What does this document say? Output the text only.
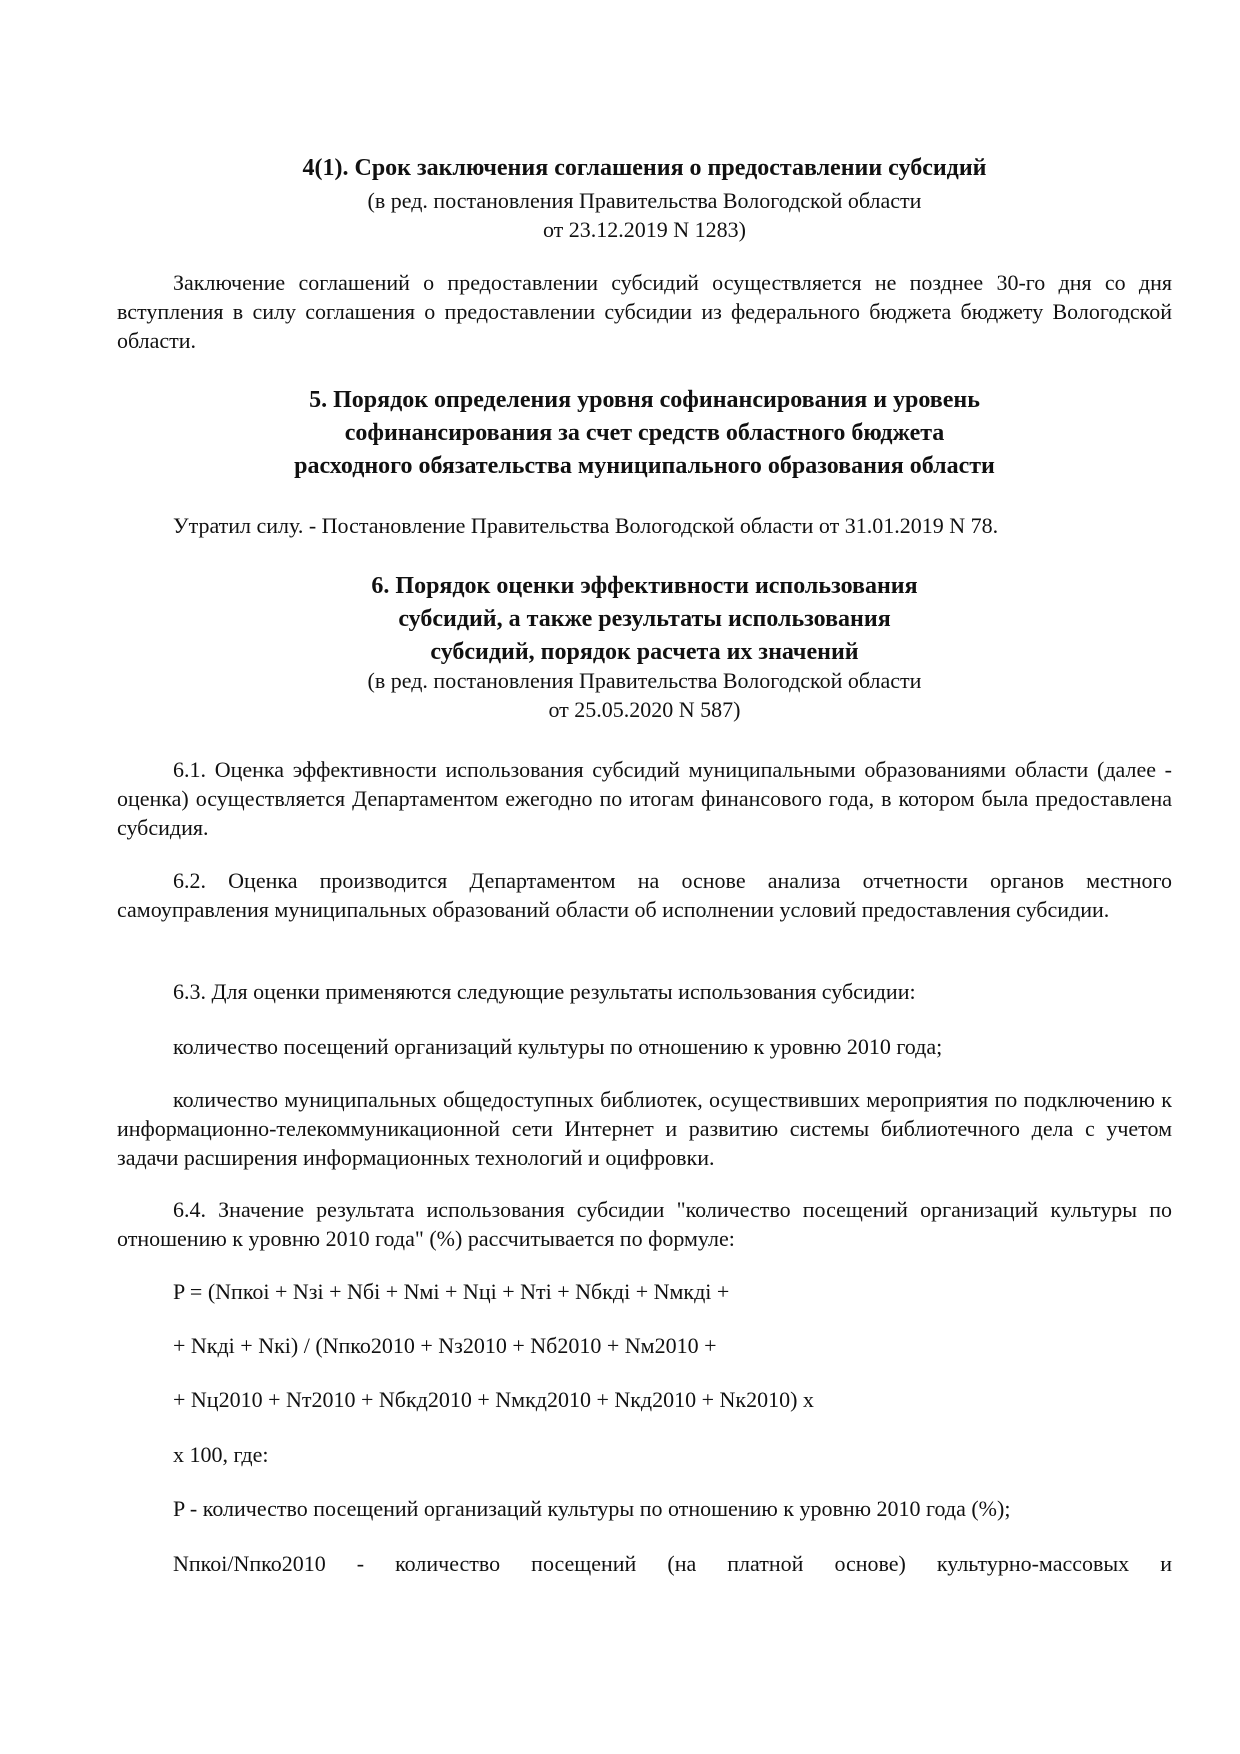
4(1). Срок заключения соглашения о предоставлении субсидий
(в ред. постановления Правительства Вологодской области
от 23.12.2019 N 1283)
Заключение соглашений о предоставлении субсидий осуществляется не позднее 30-го дня со дня вступления в силу соглашения о предоставлении субсидии из федерального бюджета бюджету Вологодской области.
5. Порядок определения уровня софинансирования и уровень
софинансирования за счет средств областного бюджета
расходного обязательства муниципального образования области
Утратил силу. - Постановление Правительства Вологодской области от 31.01.2019 N 78.
6. Порядок оценки эффективности использования
субсидий, а также результаты использования
субсидий, порядок расчета их значений
(в ред. постановления Правительства Вологодской области
от 25.05.2020 N 587)
6.1. Оценка эффективности использования субсидий муниципальными образованиями области (далее - оценка) осуществляется Департаментом ежегодно по итогам финансового года, в котором была предоставлена субсидия.
6.2. Оценка производится Департаментом на основе анализа отчетности органов местного самоуправления муниципальных образований области об исполнении условий предоставления субсидии.
6.3. Для оценки применяются следующие результаты использования субсидии:
количество посещений организаций культуры по отношению к уровню 2010 года;
количество муниципальных общедоступных библиотек, осуществивших мероприятия по подключению к информационно-телекоммуникационной сети Интернет и развитию системы библиотечного дела с учетом задачи расширения информационных технологий и оцифровки.
6.4. Значение результата использования субсидии "количество посещений организаций культуры по отношению к уровню 2010 года" (%) рассчитывается по формуле:
P = (Nпкоi + Nзi + Nбi + Nмi + Nцi + Nтi + Nбкдi + Nмкдi +
+ Nкдi + Nкi) / (Nпко2010 + Nз2010 + Nб2010 + Nм2010 +
+ Nц2010 + Nт2010 + Nбкд2010 + Nмкд2010 + Nкд2010 + Nк2010) x
x 100, где:
P - количество посещений организаций культуры по отношению к уровню 2010 года (%);
Nпкоi/Nпко2010 - количество посещений (на платной основе) культурно-массовых и
